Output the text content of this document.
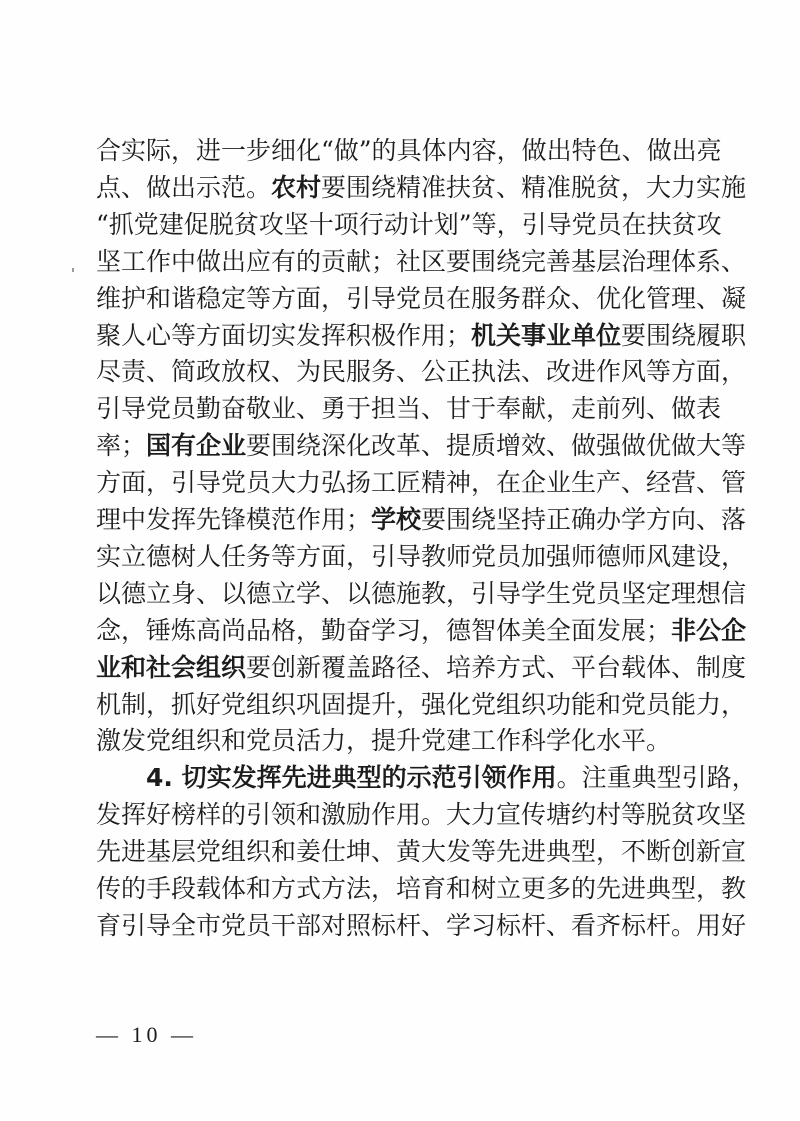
合实际，进一步细化“做”的具体内容，做出特色、做出亮
点、做出示范。农村要围绕精准扶贫、精准脱贫，大力实施
“抓党建促脱贫攻坚十项行动计划”等，引导党员在扶贫攻
坚工作中做出应有的贡献；社区要围绕完善基层治理体系、
维护和谐稳定等方面，引导党员在服务群众、优化管理、凝
聚人心等方面切实发挥积极作用；机关事业单位要围绕履职
尽责、简政放权、为民服务、公正执法、改进作风等方面，
引导党员勤奋敬业、勇于担当、甘于奉献，走前列、做表
率；国有企业要围绕深化改革、提质增效、做强做优做大等
方面，引导党员大力弘扬工匠精神，在企业生产、经营、管
理中发挥先锋模范作用；学校要围绕坚持正确办学方向、落
实立德树人任务等方面，引导教师党员加强师德师风建设，
以德立身、以德立学、以德施教，引导学生党员坚定理想信
念，锤炼高尚品格，勤奋学习，德智体美全面发展；非公企
业和社会组织要创新覆盖路径、培养方式、平台载体、制度
机制，抓好党组织巩固提升，强化党组织功能和党员能力，
激发党组织和党员活力，提升党建工作科学化水平。
4. 切实发挥先进典型的示范引领作用。注重典型引路，
发挥好榜样的引领和激励作用。大力宣传塘约村等脱贫攻坚
先进基层党组织和姜仕坤、黄大发等先进典型，不断创新宣
传的手段载体和方式方法，培育和树立更多的先进典型，教
育引导全市党员干部对照标杆、学习标杆、看齐标杆。用好
— 10 —
